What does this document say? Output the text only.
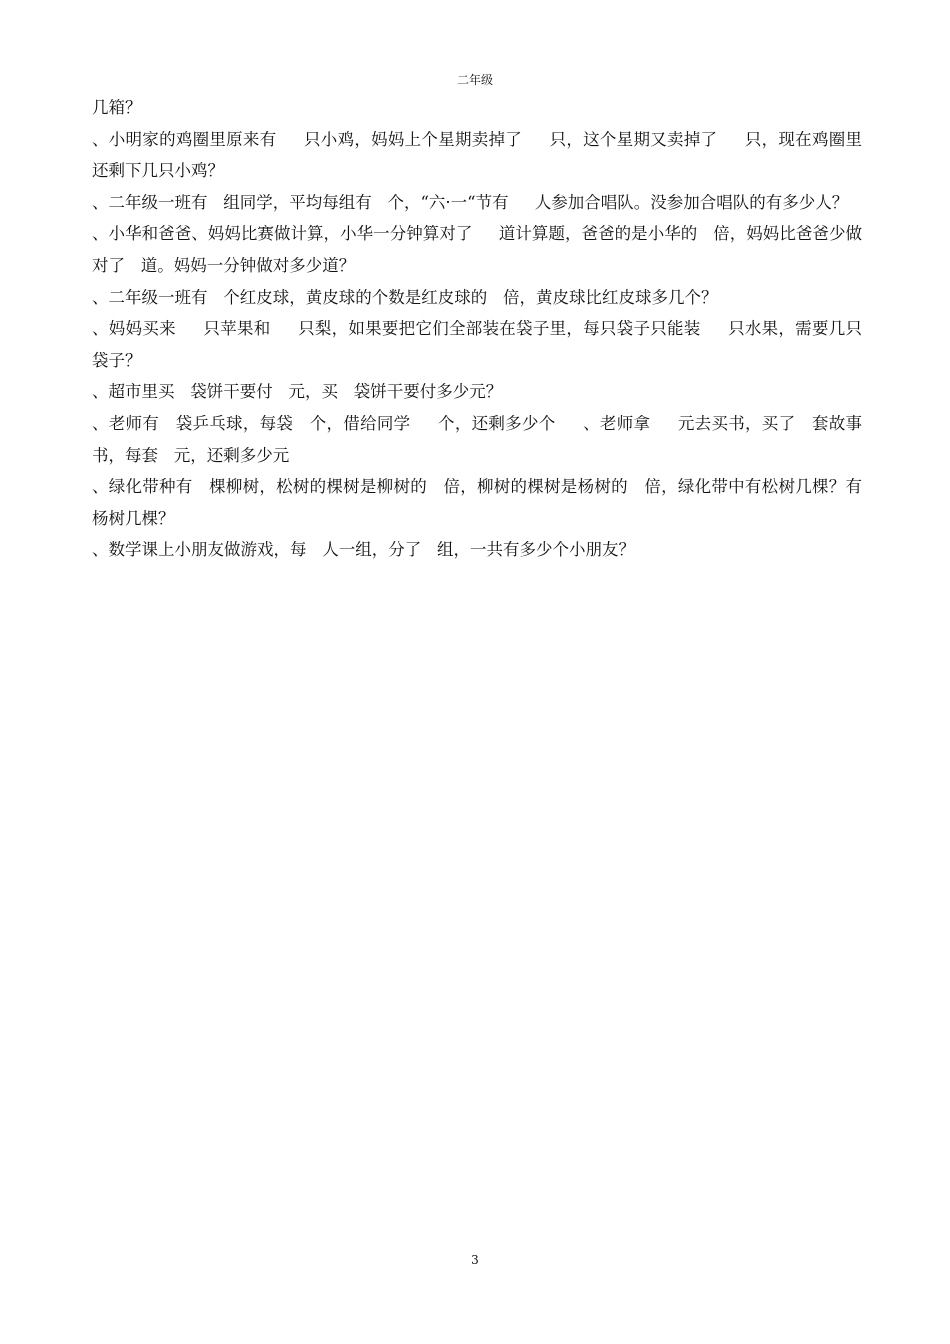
二年级

几箱？

、小明家的鸡圈里原来有     只小鸡，妈妈上个星期卖掉了     只，这个星期又卖掉了     只，现在鸡圈里还剩下几只小鸡？

、二年级一班有   组同学，平均每组有   个，“六·一“节有     人参加合唱队。没参加合唱队的有多少人？

、小华和爸爸、妈妈比赛做计算，小华一分钟算对了     道计算题，爸爸的是小华的   倍，妈妈比爸爸少做对了   道。妈妈一分钟做对多少道？

、二年级一班有   个红皮球，黄皮球的个数是红皮球的   倍，黄皮球比红皮球多几个？

、妈妈买来     只苹果和     只梨，如果要把它们全部装在袋子里，每只袋子只能装     只水果，需要几只袋子？

、超市里买   袋饼干要付   元，买   袋饼干要付多少元？

、老师有   袋乒乓球，每袋   个，借给同学     个，还剩多少个     、老师拿     元去买书，买了   套故事书，每套   元，还剩多少元

、绿化带种有   棵柳树，松树的棵树是柳树的   倍，柳树的棵树是杨树的   倍，绿化带中有松树几棵？有杨树几棵？

、数学课上小朋友做游戏，每   人一组，分了   组，一共有多少个小朋友？

3
